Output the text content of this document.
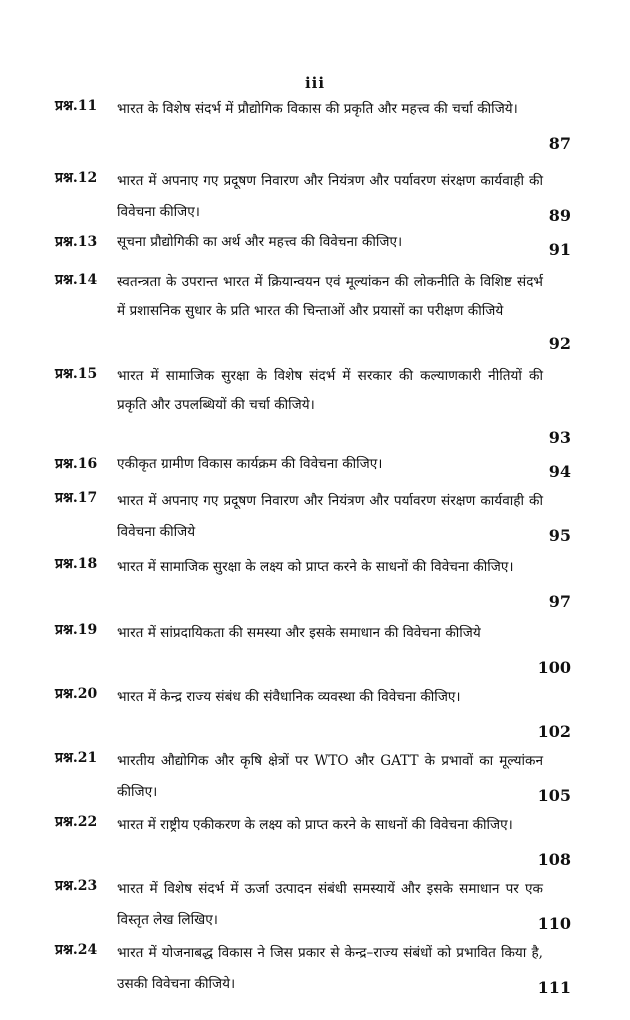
iii
प्रश्न.11	भारत के विशेष संदर्भ में प्रौद्योगिक विकास की प्रकृति और महत्त्व की चर्चा कीजिये।
87
प्रश्न.12	भारत में अपनाए गए प्रदूषण निवारण और नियंत्रण और पर्यावरण संरक्षण कार्यवाही की विवेचना कीजिए।	89
प्रश्न.13	सूचना प्रौद्योगिकी का अर्थ और महत्त्व की विवेचना कीजिए।	91
प्रश्न.14	स्वतन्त्रता के उपरान्त भारत में क्रियान्वयन एवं मूल्यांकन की लोकनीति के विशिष्ट संदर्भ में प्रशासनिक सुधार के प्रति भारत की चिन्ताओं और प्रयासों का परीक्षण कीजिये
92
प्रश्न.15	भारत में सामाजिक सुरक्षा के विशेष संदर्भ में सरकार की कल्याणकारी नीतियों की प्रकृति और उपलब्धियों की चर्चा कीजिये।
93
प्रश्न.16	एकीकृत ग्रामीण विकास कार्यक्रम की विवेचना कीजिए।	94
प्रश्न.17	भारत में अपनाए गए प्रदूषण निवारण और नियंत्रण और पर्यावरण संरक्षण कार्यवाही की विवेचना कीजिये	95
प्रश्न.18	भारत में सामाजिक सुरक्षा के लक्ष्य को प्राप्त करने के साधनों की विवेचना कीजिए।
97
प्रश्न.19	भारत में सांप्रदायिकता की समस्या और इसके समाधान की विवेचना कीजिये
100
प्रश्न.20	भारत में केन्द्र राज्य संबंध की संवैधानिक व्यवस्था की विवेचना कीजिए।
102
प्रश्न.21	भारतीय औद्योगिक और कृषि क्षेत्रों पर WTO और GATT के प्रभावों का मूल्यांकन कीजिए।	105
प्रश्न.22	भारत में राष्ट्रीय एकीकरण के लक्ष्य को प्राप्त करने के साधनों की विवेचना कीजिए।
108
प्रश्न.23	भारत में विशेष संदर्भ में ऊर्जा उत्पादन संबंधी समस्यायें और इसके समाधान पर एक विस्तृत लेख लिखिए।	110
प्रश्न.24	भारत में योजनाबद्ध विकास ने जिस प्रकार से केन्द्र–राज्य संबंधों को प्रभावित किया है, उसकी विवेचना कीजिये।	111
